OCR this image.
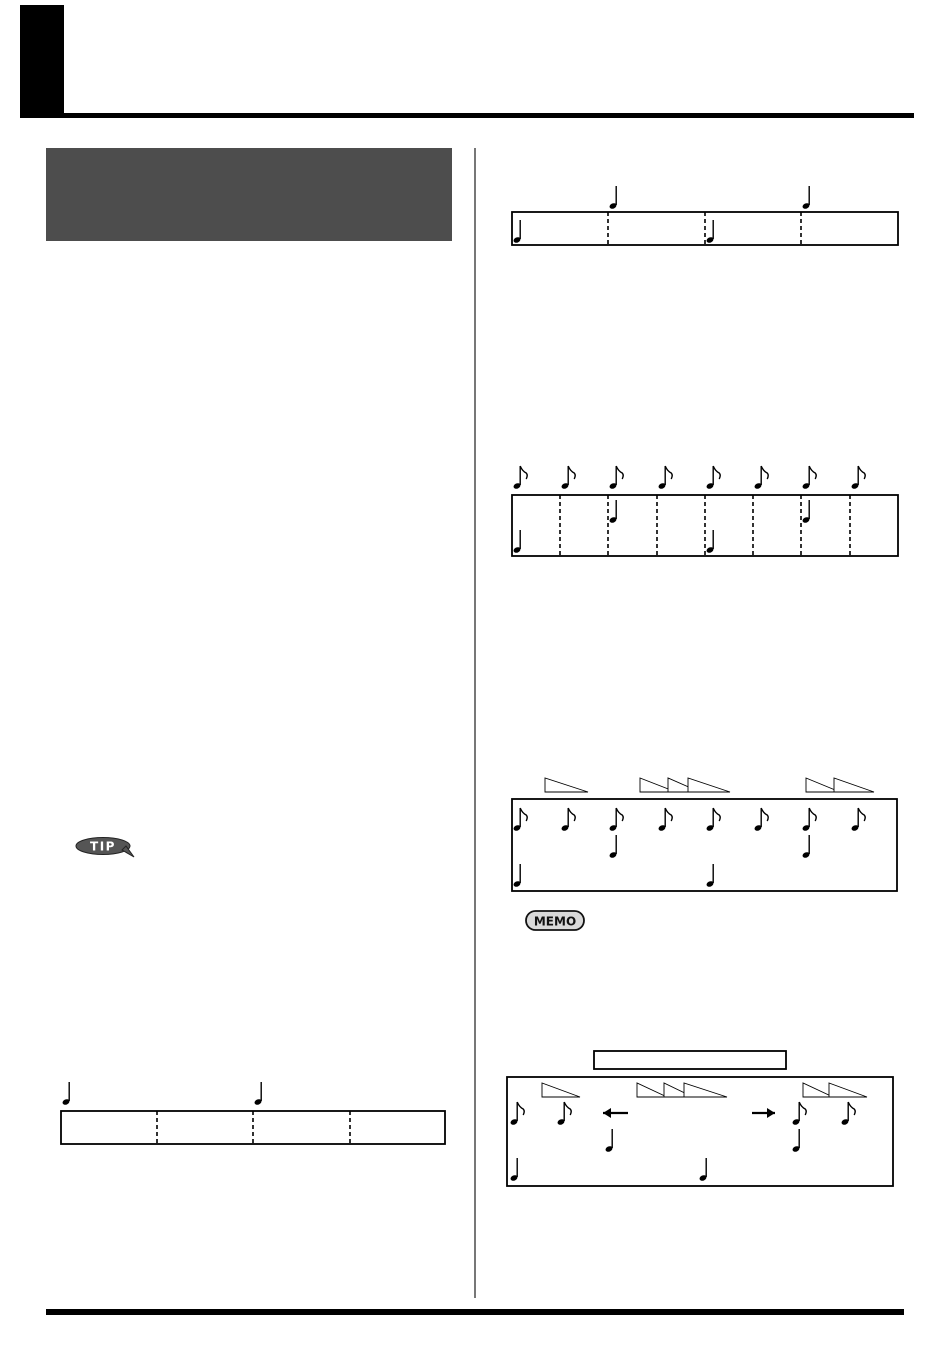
TIP
MEMO
